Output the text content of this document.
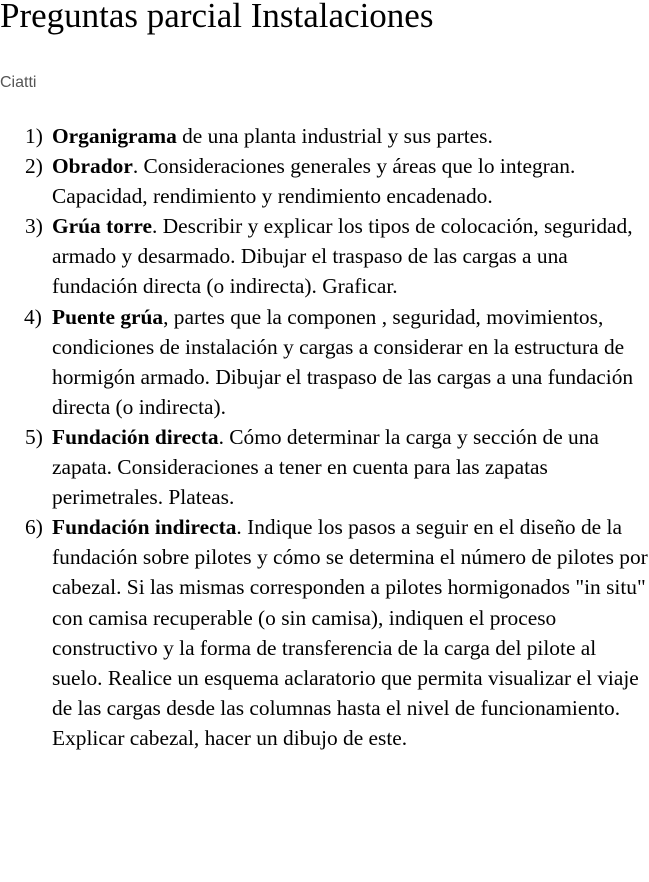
Preguntas parcial Instalaciones

Ciatti

1) Organigrama de una planta industrial y sus partes.
2) Obrador. Consideraciones generales y áreas que lo integran. Capacidad, rendimiento y rendimiento encadenado.
3) Grúa torre. Describir y explicar los tipos de colocación, seguridad, armado y desarmado. Dibujar el traspaso de las cargas a una fundación directa (o indirecta). Graficar.
4) Puente grúa, partes que la componen , seguridad, movimientos, condiciones de instalación y cargas a considerar en la estructura de hormigón armado. Dibujar el traspaso de las cargas a una fundación directa (o indirecta).
5) Fundación directa. Cómo determinar la carga y sección de una zapata. Consideraciones a tener en cuenta para las zapatas perimetrales. Plateas.
6) Fundación indirecta. Indique los pasos a seguir en el diseño de la fundación sobre pilotes y cómo se determina el número de pilotes por cabezal. Si las mismas corresponden a pilotes hormigonados "in situ" con camisa recuperable (o sin camisa), indiquen el proceso constructivo y la forma de transferencia de la carga del pilote al suelo. Realice un esquema aclaratorio que permita visualizar el viaje de las cargas desde las columnas hasta el nivel de funcionamiento. Explicar cabezal, hacer un dibujo de este.
